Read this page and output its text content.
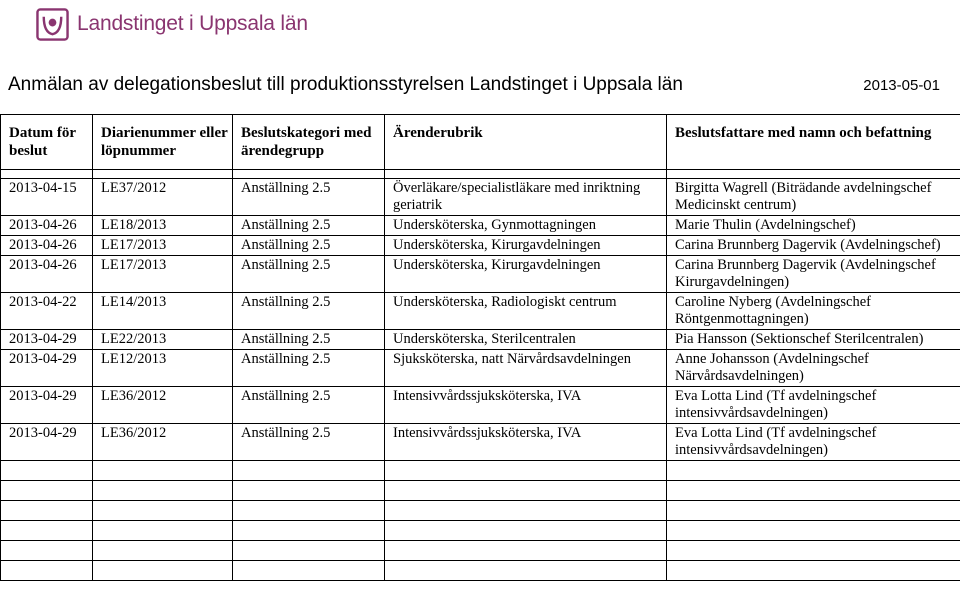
Landstinget i Uppsala län
Anmälan av delegationsbeslut till produktionsstyrelsen Landstinget i Uppsala län	2013-05-01
Datum för beslut	Diarienummer eller löpnummer	Beslutskategori med ärendegrupp	Ärenderubrik	Beslutsfattare med namn och befattning

2013-04-15	LE37/2012	Anställning 2.5	Överläkare/specialistläkare med inriktning geriatrik	Birgitta Wagrell (Biträdande avdelningschef Medicinskt centrum)
2013-04-26	LE18/2013	Anställning 2.5	Undersköterska, Gynmottagningen	Marie Thulin (Avdelningschef)
2013-04-26	LE17/2013	Anställning 2.5	Undersköterska, Kirurgavdelningen	Carina Brunnberg Dagervik (Avdelningschef)
2013-04-26	LE17/2013	Anställning 2.5	Undersköterska, Kirurgavdelningen	Carina Brunnberg Dagervik (Avdelningschef Kirurgavdelningen)
2013-04-22	LE14/2013	Anställning 2.5	Undersköterska, Radiologiskt centrum	Caroline Nyberg (Avdelningschef Röntgenmottagningen)
2013-04-29	LE22/2013	Anställning 2.5	Undersköterska, Sterilcentralen	Pia Hansson (Sektionschef Sterilcentralen)
2013-04-29	LE12/2013	Anställning 2.5	Sjuksköterska, natt Närvårdsavdelningen	Anne Johansson (Avdelningschef Närvårdsavdelningen)
2013-04-29	LE36/2012	Anställning 2.5	Intensivvårdssjuksköterska, IVA	Eva Lotta Lind (Tf avdelningschef intensivvårdsavdelningen)
2013-04-29	LE36/2012	Anställning 2.5	Intensivvårdssjuksköterska, IVA	Eva Lotta Lind (Tf avdelningschef intensivvårdsavdelningen)
